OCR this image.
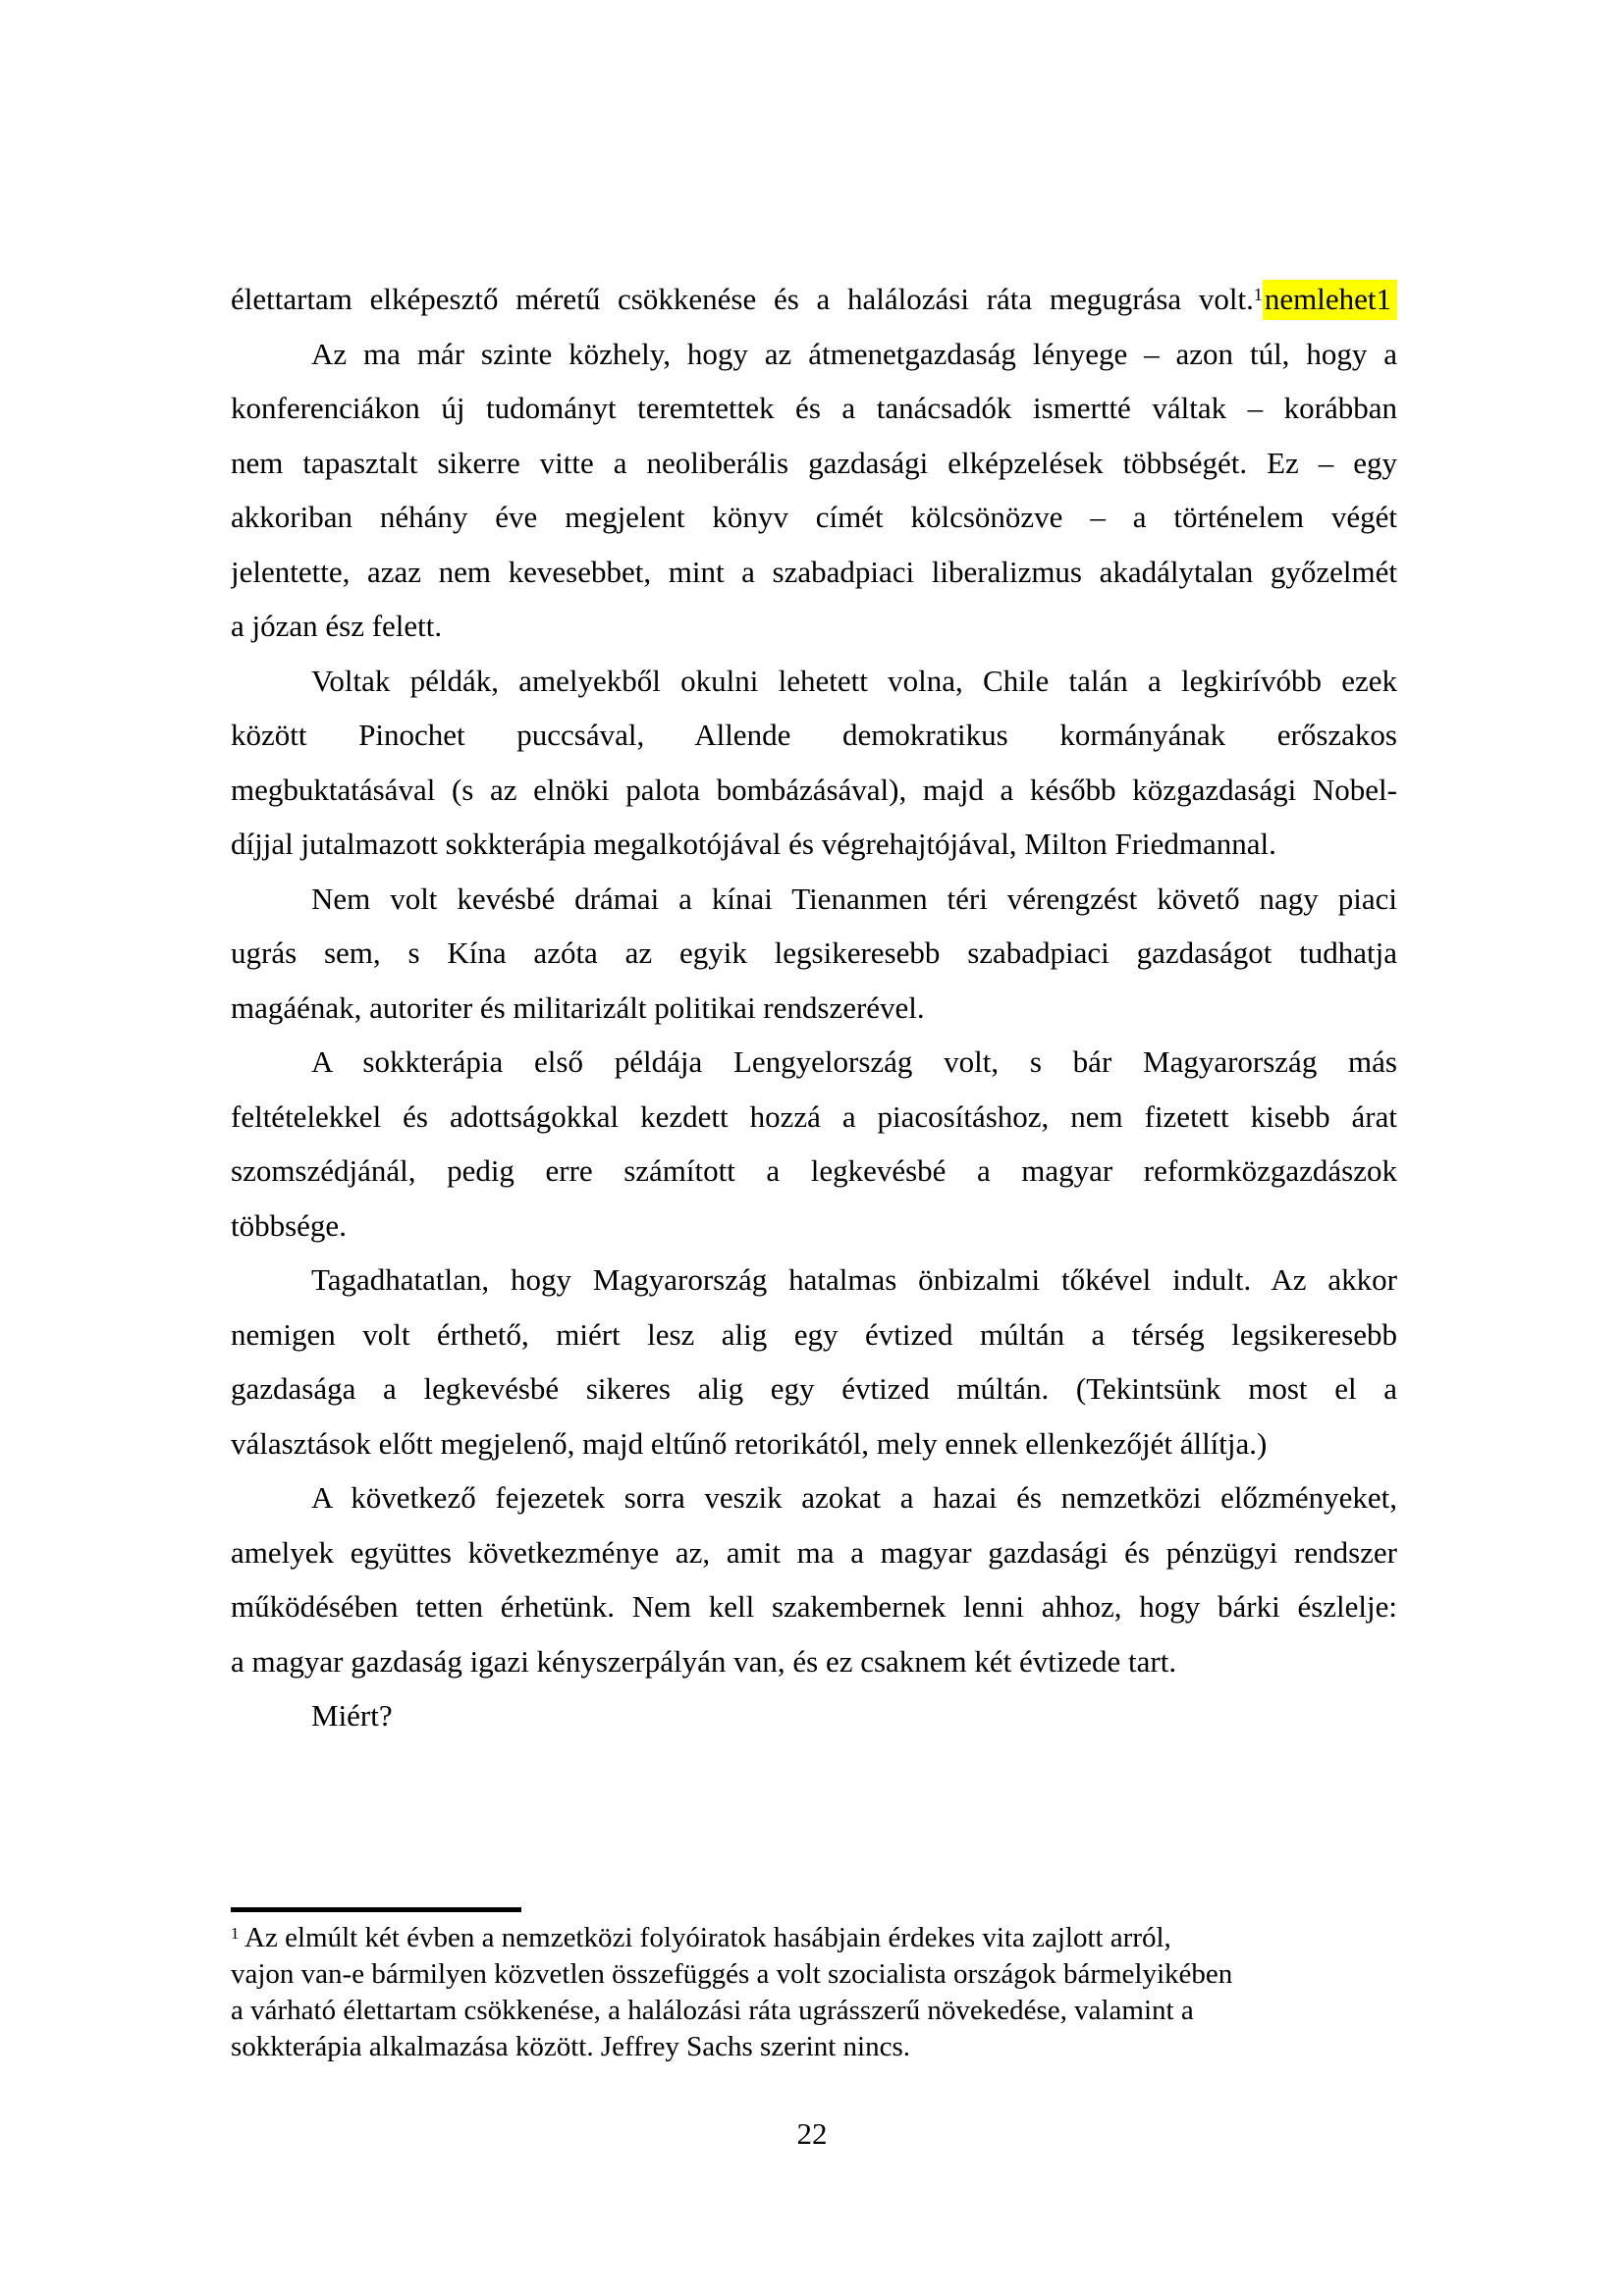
élettartam elképesztő méretű csökkenése és a halálozási ráta megugrása volt.$^1$nemlehet1
Az ma már szinte közhely, hogy az átmenetgazdaság lényege – azon túl, hogy a
konferenciákon új tudományt teremtettek és a tanácsadók ismertté váltak – korábban
nem tapasztalt sikerre vitte a neoliberális gazdasági elképzelések többségét. Ez – egy
akkoriban néhány éve megjelent könyv címét kölcsönözve – a történelem végét
jelentette, azaz nem kevesebbet, mint a szabadpiaci liberalizmus akadálytalan győzelmét
a józan ész felett.
Voltak példák, amelyekből okulni lehetett volna, Chile talán a legkirívóbb ezek
között Pinochet puccsával, Allende demokratikus kormányának erőszakos
megbuktatásával (s az elnöki palota bombázásával), majd a később közgazdasági Nobel-
díjjal jutalmazott sokkterápia megalkotójával és végrehajtójával, Milton Friedmannal.
Nem volt kevésbé drámai a kínai Tienanmen téri vérengzést követő nagy piaci
ugrás sem, s Kína azóta az egyik legsikeresebb szabadpiaci gazdaságot tudhatja
magáénak, autoriter és militarizált politikai rendszerével.
A sokkterápia első példája Lengyelország volt, s bár Magyarország más
feltételekkel és adottságokkal kezdett hozzá a piacosításhoz, nem fizetett kisebb árat
szomszédjánál, pedig erre számított a legkevésbé a magyar reformközgazdászok
többsége.
Tagadhatatlan, hogy Magyarország hatalmas önbizalmi tőkével indult. Az akkor
nemigen volt érthető, miért lesz alig egy évtized múltán a térség legsikeresebb
gazdasága a legkevésbé sikeres alig egy évtized múltán. (Tekintsünk most el a
választások előtt megjelenő, majd eltűnő retorikától, mely ennek ellenkezőjét állítja.)
A következő fejezetek sorra veszik azokat a hazai és nemzetközi előzményeket,
amelyek együttes következménye az, amit ma a magyar gazdasági és pénzügyi rendszer
működésében tetten érhetünk. Nem kell szakembernek lenni ahhoz, hogy bárki észlelje:
a magyar gazdaság igazi kényszerpályán van, és ez csaknem két évtizede tart.
Miért?
$^1$ Az elmúlt két évben a nemzetközi folyóiratok hasábjain érdekes vita zajlott arról,
vajon van-e bármilyen közvetlen összefüggés a volt szocialista országok bármelyikében
a várható élettartam csökkenése, a halálozási ráta ugrásszerű növekedése, valamint a
sokkterápia alkalmazása között. Jeffrey Sachs szerint nincs.
22
